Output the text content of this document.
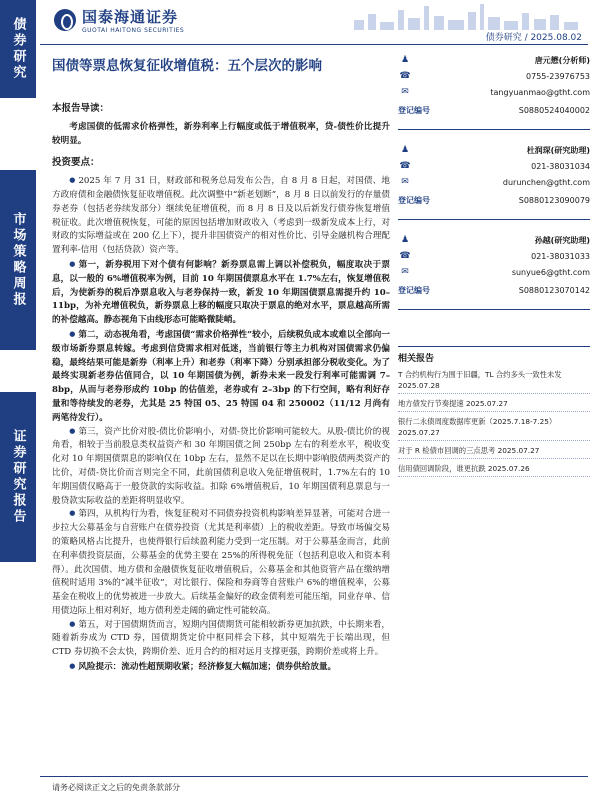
债券研究
市场策略周报
证券研究报告
国泰海通证券
GUOTAI HAITONG SECURITIES
债券研究 / 2025.08.02
国债等票息恢复征收增值税：五个层次的影响
本报告导读：
考虑国债的低需求价格弹性，新券利率上行幅度或低于增值税率，贷-债性价比提升较明显。
投资要点：
● 2025 年 7 月 31 日，财政部和税务总局发布公告，自 8 月 8 日起，对国债、地方政府债和金融债恢复征收增值税。此次调整中“新老划断”，8 月 8 日以前发行的存量债券老券（包括老券续发部分）继续免征增值税，而 8 月 8 日及以后新发行债券恢复增值税征收。此次增值税恢复，可能的原因包括增加财政收入（考虑到一级新发成本上行，对财政的实际增益或在 200 亿上下），提升非国债资产的相对性价比、引导金融机构合理配置利率-信用（包括贷款）资产等。
● 第一，新券税用下对个债有何影响？新券票息需上调以补偿税负，幅度取决于票息，以一般的 6%增值税率为例，目前 10 年期国债票息水平在 1.7%左右，恢复增值税后，为使新券的税后净票息收入与老券保持一致，新发 10 年期国债票息需提升约 10–11bp，为补充增值税负，新券票息上移的幅度只取决于票息的绝对水平，票息越高所需的补偿越高。静态视角下由线形态可能略微陡峭。
● 第二，动态视角看，考虑国债“需求价格弹性”较小，后续税负成本或难以全部向一级市场新券票息转嫁。考虑到信贷需求相对低迷，当前银行等主力机构对国债需求仍偏稳，最终结果可能是新券（利率上升）和老券（利率下降）分别承担部分税收变化。为了最终实现新老券估值同合，以 10 年期国债为例，新券未来一段发行利率可能需调 7–8bp，从而与老券形成约 10bp 的估值差，老券或有 2–3bp 的下行空间，略有利好存量和等待续发的老券，尤其是 25 特国 05、25 特国 04 和 250002（11/12 月尚有两笔待发行）。
● 第三，资产比价对股-债比价影响小，对债-贷比价影响可能较大。从股-债比价的视角看，相较于当前股息类权益资产和 30 年期国债之间 250bp 左右的利差水平，税收变化对 10 年期国债票息的影响仅在 10bp 左右，显然不足以在长期中影响股债两类资产的比价，对债-贷比价而言则完全不同，此前国债利息收入免征增值税时，1.7%左右的 10 年期国债仅略高于一般贷款的实际收益。扣除 6%增值税后，10 年期国债利息票息与一般贷款实际收益的差距将明显收窄。
● 第四，从机构行为看，恢复征税对不同债券投资机构影响差异显著，可能对合进一步拉大公募基金与自营账户在债券投资（尤其是利率债）上的税收差距。导致市场偏交易的策略风格占比提升，也使得银行后续盈利能力受到一定压制。对于公募基金而言，此前在利率债投资层面，公募基金的优势主要在 25%的所得税免征（包括利息收入和资本利得）。此次国债、地方债和金融债恢复征收增值税后，公募基金和其他资管产品在缴纳增值税时适用 3%的“减半征收”，对比银行、保险和券商等自营账户 6%的增值税率，公募基金在税收上的优势被进一步放大。后续基金偏好的政金债利差可能压缩，同业存单、信用债边际上相对利好，地方债利差走阔的确定性可能较高。
● 第五，对于国债期货而言，短期内国债期货可能相较新券更加抗跌，中长期来看，随着新券成为 CTD 券，国债期货定价中枢同样会下移，其中短端先于长端出现，但 CTD 券切换不会太快，跨期价差、近月合约的相对远月支撑更强，跨期价差或将上升。
● 风险提示：流动性超预期收紧；经济修复大幅加速；债券供给放量。
♟	唐元懋(分析师)
☎	0755-23976753
✉	tangyuanmao@gtht.com
登记编号	S0880524040002
♟	杜润琛(研究助理)
☎	021-38031034
✉	durunchen@gtht.com
登记编号	S0880123090079
♟	孙越(研究助理)
☎	021-38031033
✉	sunyue6@gtht.com
登记编号	S0880123070142
相关报告
T 合约机构行为围于旧疆，TL 合约多头一致性未发 2025.07.28
地方债发行节奏提速 2025.07.27
银行二永债周度数据库更新（2025.7.18-7.25） 2025.07.27
对于 R 检债市回调的三点思考 2025.07.27
信用债回调阶段，谁更抗跌 2025.07.26
请务必阅读正文之后的免责条款部分
